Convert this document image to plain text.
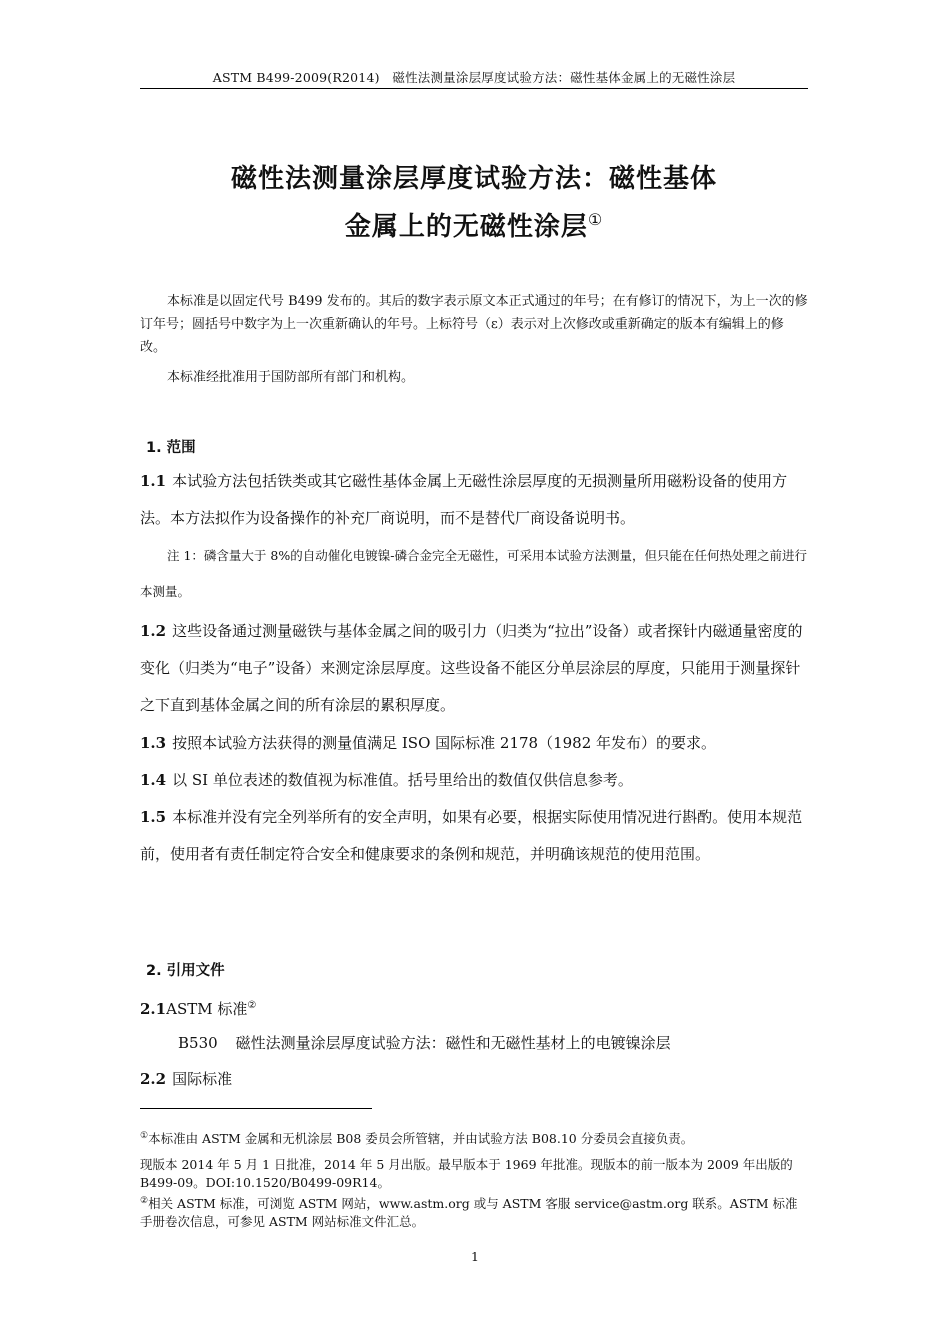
ASTM B499-2009(R2014)　磁性法测量涂层厚度试验方法：磁性基体金属上的无磁性涂层
磁性法测量涂层厚度试验方法：磁性基体
金属上的无磁性涂层①
本标准是以固定代号 B499 发布的。其后的数字表示原文本正式通过的年号；在有修订的情况下，为上一次的修订年号；圆括号中数字为上一次重新确认的年号。上标符号（ε）表示对上次修改或重新确定的版本有编辑上的修改。
本标准经批准用于国防部所有部门和机构。
1. 范围
1.1 本试验方法包括铁类或其它磁性基体金属上无磁性涂层厚度的无损测量所用磁粉设备的使用方法。本方法拟作为设备操作的补充厂商说明，而不是替代厂商设备说明书。
注 1：磷含量大于 8%的自动催化电镀镍-磷合金完全无磁性，可采用本试验方法测量，但只能在任何热处理之前进行本测量。
1.2 这些设备通过测量磁铁与基体金属之间的吸引力（归类为“拉出”设备）或者探针内磁通量密度的变化（归类为“电子”设备）来测定涂层厚度。这些设备不能区分单层涂层的厚度，只能用于测量探针之下直到基体金属之间的所有涂层的累积厚度。
1.3 按照本试验方法获得的测量值满足 ISO 国际标准 2178（1982 年发布）的要求。
1.4 以 SI 单位表述的数值视为标准值。括号里给出的数值仅供信息参考。
1.5 本标准并没有完全列举所有的安全声明，如果有必要，根据实际使用情况进行斟酌。使用本规范前，使用者有责任制定符合安全和健康要求的条例和规范，并明确该规范的使用范围。
2. 引用文件
2.1ASTM 标准②
B530 磁性法测量涂层厚度试验方法：磁性和无磁性基材上的电镀镍涂层
2.2 国际标准
①本标准由 ASTM 金属和无机涂层 B08 委员会所管辖，并由试验方法 B08.10 分委员会直接负责。
现版本 2014 年 5 月 1 日批准，2014 年 5 月出版。最早版本于 1969 年批准。现版本的前一版本为 2009 年出版的 B499-09。DOI:10.1520/B0499-09R14。
②相关 ASTM 标准，可浏览 ASTM 网站，www.astm.org 或与 ASTM 客服 service@astm.org 联系。ASTM 标准手册卷次信息，可参见 ASTM 网站标准文件汇总。
1
